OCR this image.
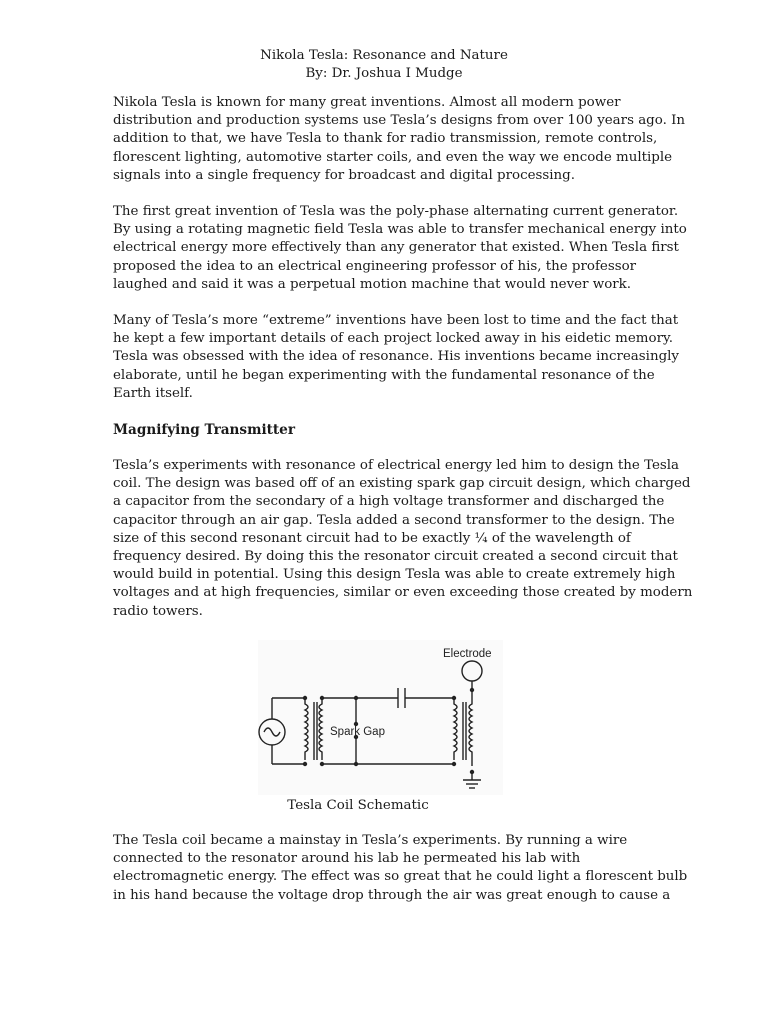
Nikola Tesla: Resonance and Nature
By: Dr. Joshua I Mudge

Nikola Tesla is known for many great inventions. Almost all modern power
distribution and production systems use Tesla’s designs from over 100 years ago. In
addition to that, we have Tesla to thank for radio transmission, remote controls,
florescent lighting, automotive starter coils, and even the way we encode multiple
signals into a single frequency for broadcast and digital processing.

The first great invention of Tesla was the poly-phase alternating current generator.
By using a rotating magnetic field Tesla was able to transfer mechanical energy into
electrical energy more effectively than any generator that existed. When Tesla first
proposed the idea to an electrical engineering professor of his, the professor
laughed and said it was a perpetual motion machine that would never work.

Many of Tesla’s more “extreme” inventions have been lost to time and the fact that
he kept a few important details of each project locked away in his eidetic memory.
Tesla was obsessed with the idea of resonance. His inventions became increasingly
elaborate, until he began experimenting with the fundamental resonance of the
Earth itself.

Magnifying Transmitter

Tesla’s experiments with resonance of electrical energy led him to design the Tesla
coil. The design was based off of an existing spark gap circuit design, which charged
a capacitor from the secondary of a high voltage transformer and discharged the
capacitor through an air gap. Tesla added a second transformer to the design. The
size of this second resonant circuit had to be exactly ¼ of the wavelength of
frequency desired. By doing this the resonator circuit created a second circuit that
would build in potential. Using this design Tesla was able to create extremely high
voltages and at high frequencies, similar or even exceeding those created by modern
radio towers.

Electrode
Spark Gap
Tesla Coil Schematic

The Tesla coil became a mainstay in Tesla’s experiments. By running a wire
connected to the resonator around his lab he permeated his lab with
electromagnetic energy. The effect was so great that he could light a florescent bulb
in his hand because the voltage drop through the air was great enough to cause a
